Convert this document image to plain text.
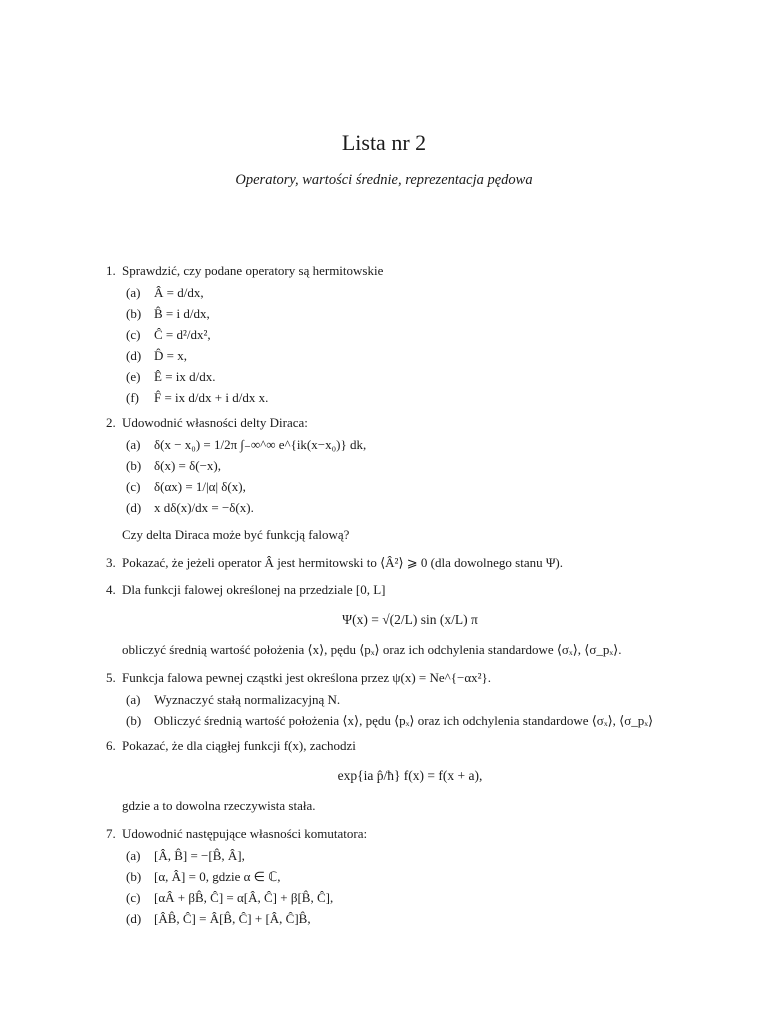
Lista nr 2
Operatory, wartości średnie, reprezentacja pędowa
1. Sprawdzić, czy podane operatory są hermitowskie
(a) Â = d/dx,
(b) B̂ = i d/dx,
(c) Ĉ = d²/dx²,
(d) D̂ = x,
(e) Ê = ix d/dx.
(f) F̂ = ix d/dx + i d/dx x.
2. Udowodnić własności delty Diraca:
(a) δ(x − x₀) = 1/2π ∫₋∞^∞ e^{ik(x−x₀)} dk,
(b) δ(x) = δ(−x),
(c) δ(αx) = 1/|α| δ(x),
(d) x dδ(x)/dx = −δ(x).
Czy delta Diraca może być funkcją falową?
3. Pokazać, że jeżeli operator Â jest hermitowski to ⟨Â²⟩ ⩾ 0 (dla dowolnego stanu Ψ).
4. Dla funkcji falowej określonej na przedziale [0, L]
Ψ(x) = √(2/L) sin (x/L) π
obliczyć średnią wartość położenia ⟨x⟩, pędu ⟨pₓ⟩ oraz ich odchylenia standardowe ⟨σₓ⟩, ⟨σ_pₓ⟩.
5. Funkcja falowa pewnej cząstki jest określona przez ψ(x) = Ne^{−αx²}.
(a) Wyznaczyć stałą normalizacyjną N.
(b) Obliczyć średnią wartość położenia ⟨x⟩, pędu ⟨pₓ⟩ oraz ich odchylenia standardowe ⟨σₓ⟩, ⟨σ_pₓ⟩
6. Pokazać, że dla ciągłej funkcji f(x), zachodzi
exp{ia p̂/ħ} f(x) = f(x + a),
gdzie a to dowolna rzeczywista stała.
7. Udowodnić następujące własności komutatora:
(a) [Â, B̂] = −[B̂, Â],
(b) [α, Â] = 0, gdzie α ∈ ℂ,
(c) [αÂ + βB̂, Ĉ] = α[Â, Ĉ] + β[B̂, Ĉ],
(d) [ÂB̂, Ĉ] = Â[B̂, Ĉ] + [Â, Ĉ]B̂,
